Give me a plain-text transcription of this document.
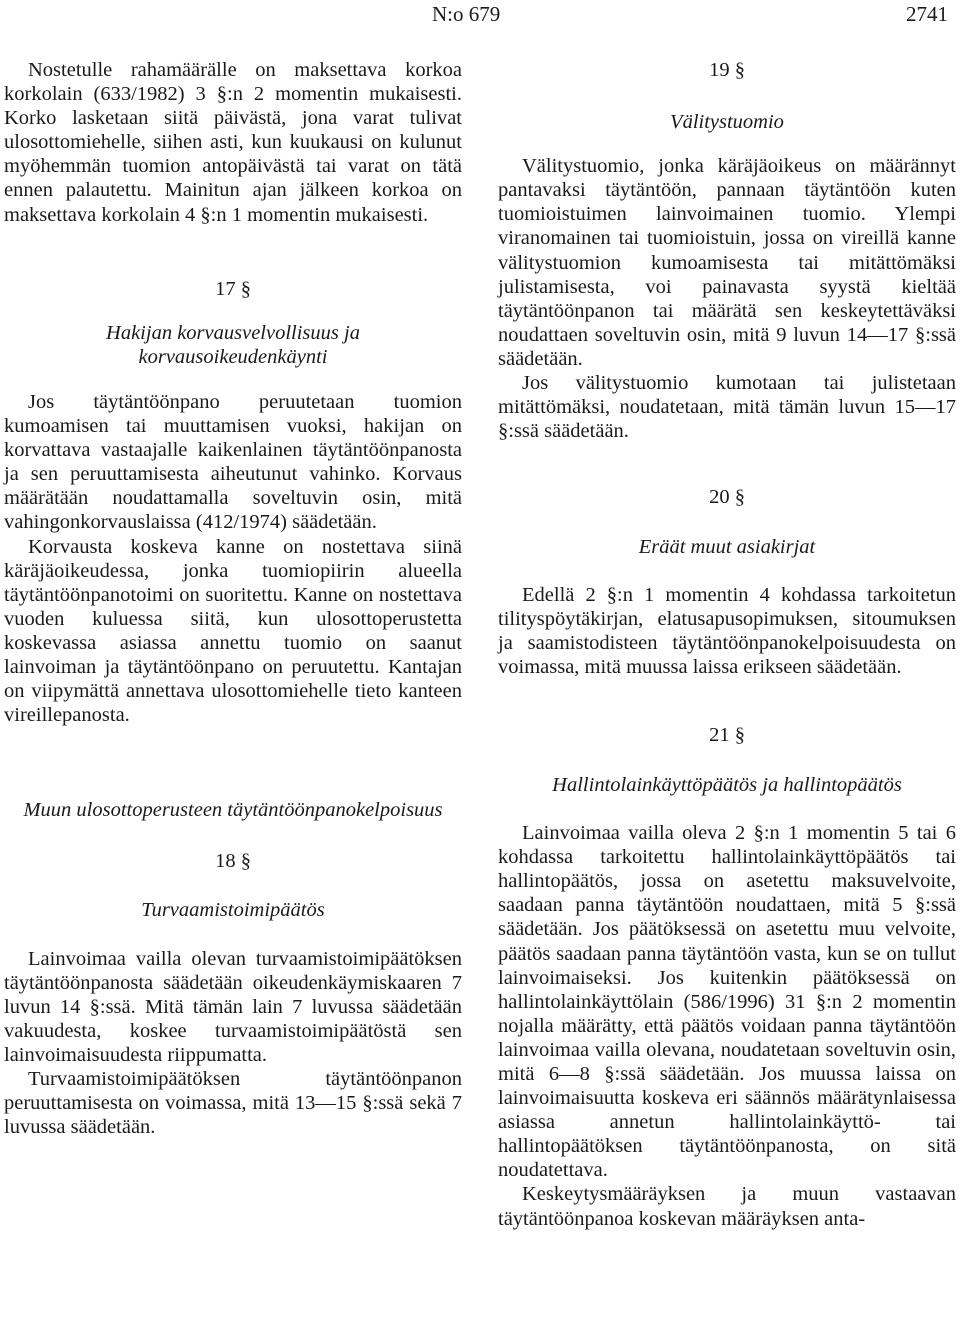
N:o 679	2741

Nostetulle rahamäärälle on maksettava korkoa korkolain (633/1982) 3 §:n 2 momentin mukaisesti. Korko lasketaan siitä päivästä, jona varat tulivat ulosottomiehelle, siihen asti, kun kuukausi on kulunut myöhemmän tuomion antopäivästä tai varat on tätä ennen palautettu. Mainitun ajan jälkeen korkoa on maksettava korkolain 4 §:n 1 momentin mukaisesti.

17 §
Hakijan korvausvelvollisuus ja korvausoikeudenkäynti

Jos täytäntöönpano peruutetaan tuomion kumoamisen tai muuttamisen vuoksi, hakijan on korvattava vastaajalle kaikenlainen täytäntöönpanosta ja sen peruuttamisesta aiheutunut vahinko. Korvaus määrätään noudattamalla soveltuvin osin, mitä vahingonkorvauslaissa (412/1974) säädetään.

Korvausta koskeva kanne on nostettava siinä käräjäoikeudessa, jonka tuomiopiirin alueella täytäntöönpanotoimi on suoritettu. Kanne on nostettava vuoden kuluessa siitä, kun ulosottoperustetta koskevassa asiassa annettu tuomio on saanut lainvoiman ja täytäntöönpano on peruutettu. Kantajan on viipymättä annettava ulosottomiehelle tieto kanteen vireillepanosta.

Muun ulosottoperusteen täytäntöönpanokelpoisuus
18 §
Turvaamistoimipäätös

Lainvoimaa vailla olevan turvaamistoimipäätöksen täytäntöönpanosta säädetään oikeudenkäymiskaaren 7 luvun 14 §:ssä. Mitä tämän lain 7 luvussa säädetään vakuudesta, koskee turvaamistoimipäätöstä sen lainvoimaisuudesta riippumatta.

Turvaamistoimipäätöksen täytäntöönpanon peruuttamisesta on voimassa, mitä 13—15 §:ssä sekä 7 luvussa säädetään.

19 §
Välitystuomio

Välitystuomio, jonka käräjäoikeus on määrännyt pantavaksi täytäntöön, pannaan täytäntöön kuten tuomioistuimen lainvoimainen tuomio. Ylempi viranomainen tai tuomioistuin, jossa on vireillä kanne välitystuomion kumoamisesta tai mitättömäksi julistamisesta, voi painavasta syystä kieltää täytäntöönpanon tai määrätä sen keskeytettäväksi noudattaen soveltuvin osin, mitä 9 luvun 14—17 §:ssä säädetään.

Jos välitystuomio kumotaan tai julistetaan mitättömäksi, noudatetaan, mitä tämän luvun 15—17 §:ssä säädetään.

20 §
Eräät muut asiakirjat

Edellä 2 §:n 1 momentin 4 kohdassa tarkoitetun tilityspöytäkirjan, elatusapusopimuksen, sitoumuksen ja saamistodisteen täytäntöönpanokelpoisuudesta on voimassa, mitä muussa laissa erikseen säädetään.

21 §
Hallintolainkäyttöpäätös ja hallintopäätös

Lainvoimaa vailla oleva 2 §:n 1 momentin 5 tai 6 kohdassa tarkoitettu hallintolainkäyttöpäätös tai hallintopäätös, jossa on asetettu maksuvelvoite, saadaan panna täytäntöön noudattaen, mitä 5 §:ssä säädetään. Jos päätöksessä on asetettu muu velvoite, päätös saadaan panna täytäntöön vasta, kun se on tullut lainvoimaiseksi. Jos kuitenkin päätöksessä on hallintolainkäyttölain (586/1996) 31 §:n 2 momentin nojalla määrätty, että päätös voidaan panna täytäntöön lainvoimaa vailla olevana, noudatetaan soveltuvin osin, mitä 6—8 §:ssä säädetään. Jos muussa laissa on lainvoimaisuutta koskeva eri säännös määrätynlaisessa asiassa annetun hallintolainkäyttö- tai hallintopäätöksen täytäntöönpanosta, on sitä noudatettava.

Keskeytysmääräyksen ja muun vastaavan täytäntöönpanoa koskevan määräyksen anta-
